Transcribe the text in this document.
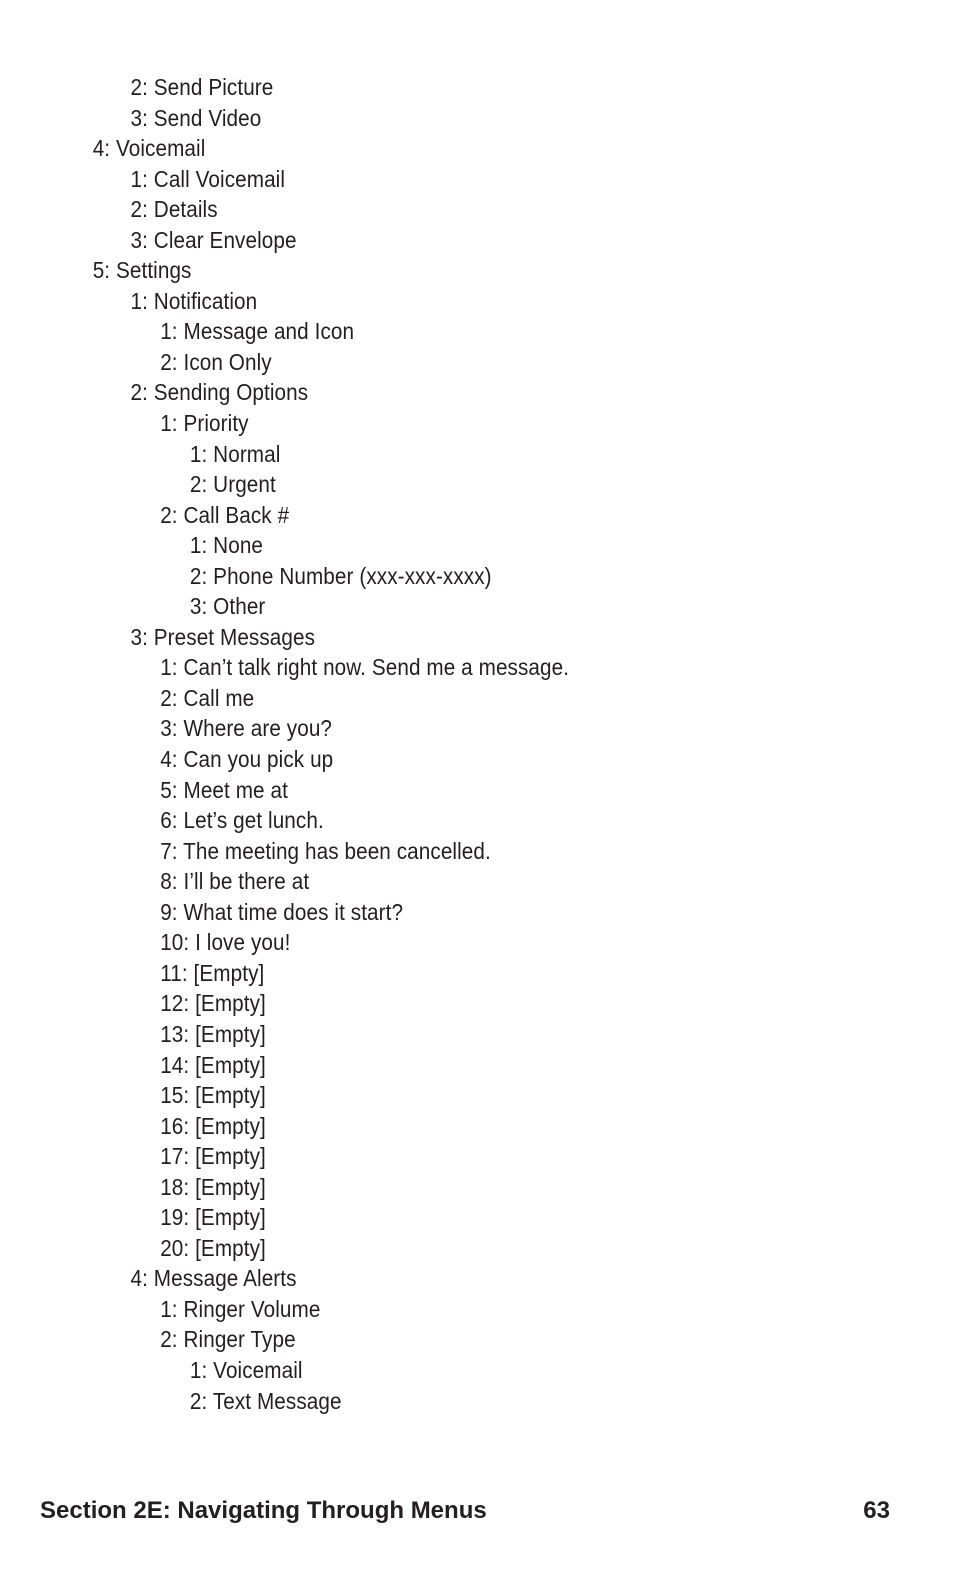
2: Send Picture
3: Send Video
4: Voicemail
1: Call Voicemail
2: Details
3: Clear Envelope
5: Settings
1: Notification
1: Message and Icon
2: Icon Only
2: Sending Options
1: Priority
1: Normal
2: Urgent
2: Call Back #
1: None
2: Phone Number (xxx-xxx-xxxx)
3: Other
3: Preset Messages
1: Can’t talk right now. Send me a message.
2: Call me
3: Where are you?
4: Can you pick up
5: Meet me at
6: Let’s get lunch.
7: The meeting has been cancelled.
8: I’ll be there at
9: What time does it start?
10: I love you!
11: [Empty]
12: [Empty]
13: [Empty]
14: [Empty]
15: [Empty]
16: [Empty]
17: [Empty]
18: [Empty]
19: [Empty]
20: [Empty]
4: Message Alerts
1: Ringer Volume
2: Ringer Type
1: Voicemail
2: Text Message
Section 2E: Navigating Through Menus	63
